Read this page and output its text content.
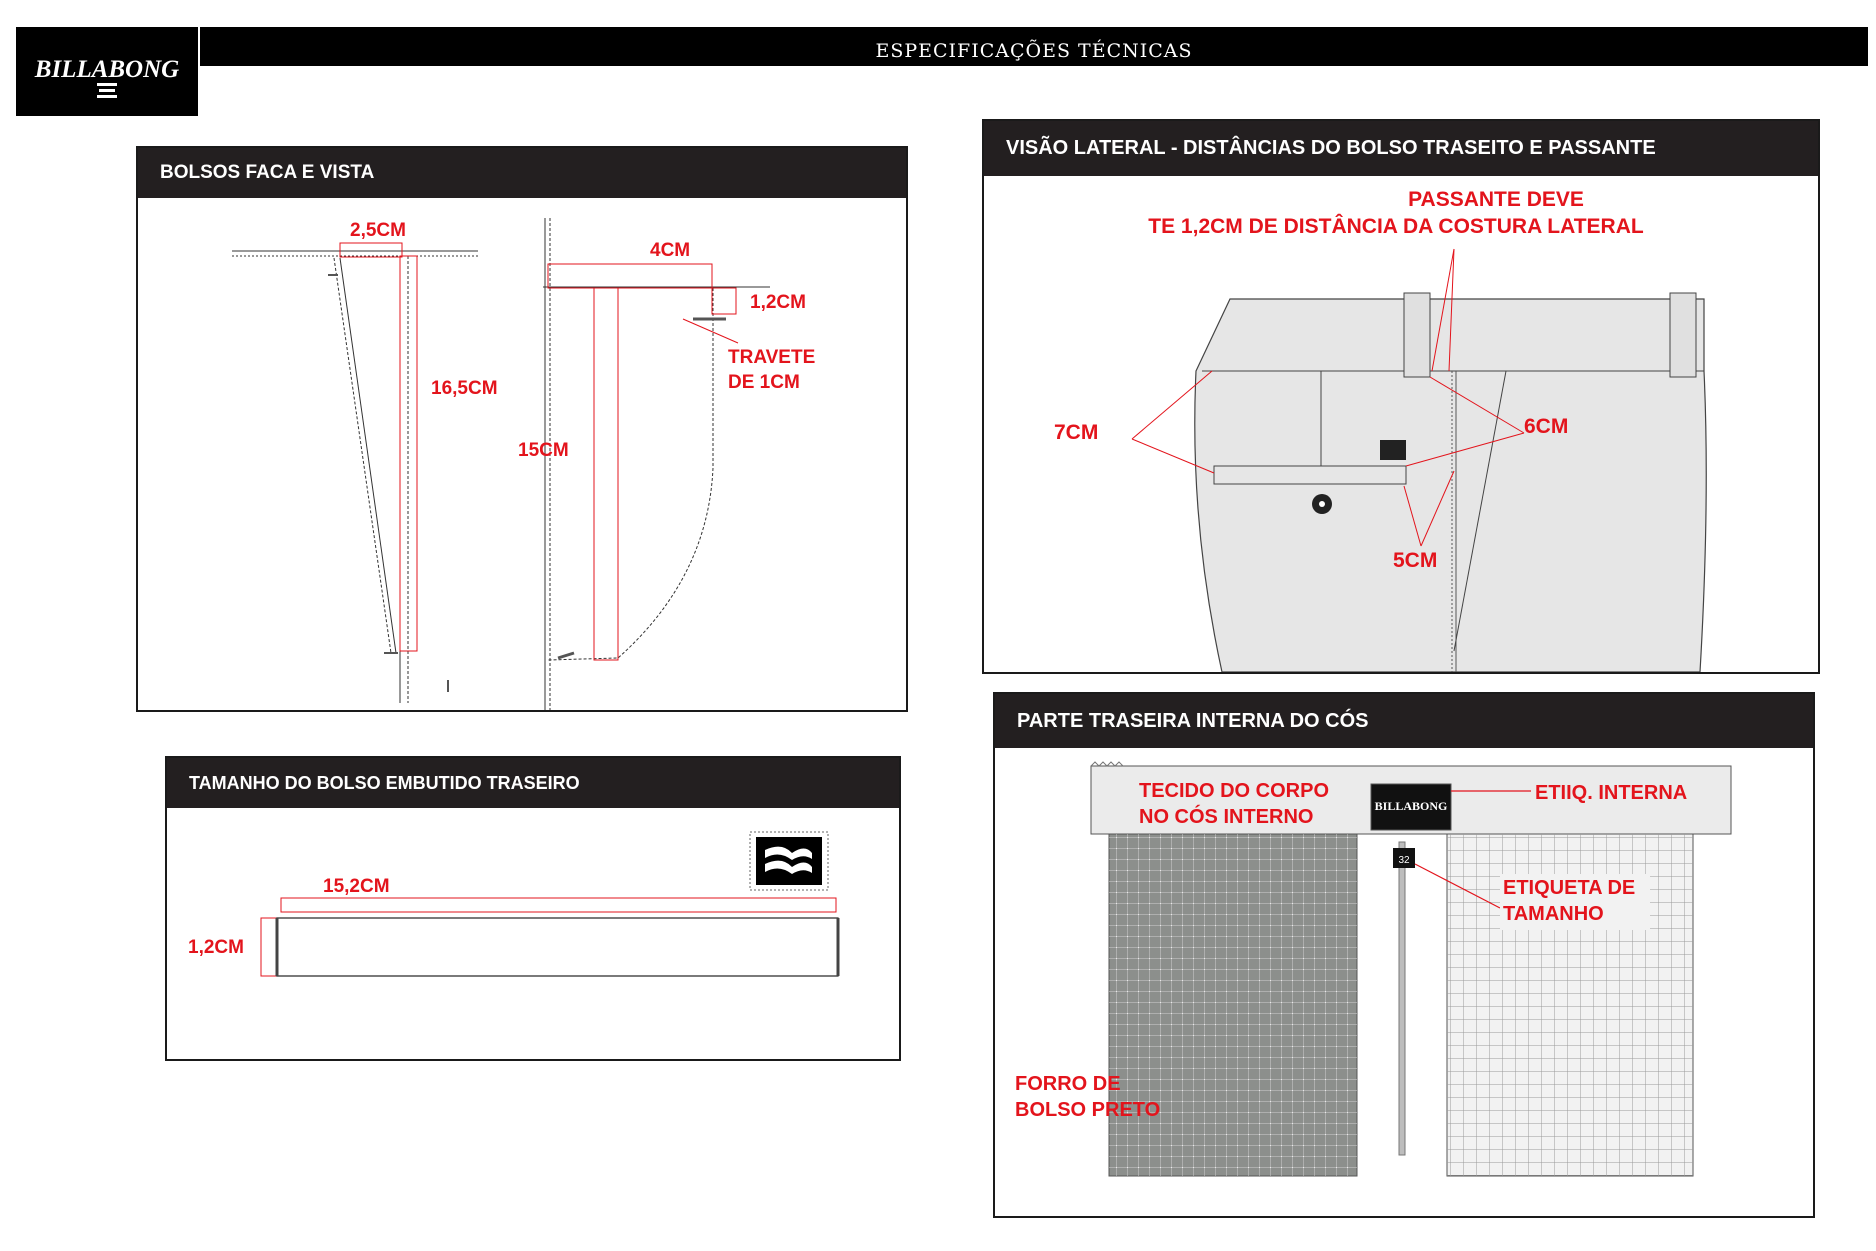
BILLABONG
ESPECIFICAÇÕES TÉCNICAS
BOLSOS FACA E VISTA
2,5CM
16,5CM
4CM
1,2CM
TRAVETE
DE 1CM
15CM
TAMANHO DO BOLSO EMBUTIDO TRASEIRO
15,2CM
1,2CM
VISÃO LATERAL - DISTÂNCIAS DO BOLSO TRASEITO E PASSANTE
PASSANTE DEVE
TE 1,2CM DE DISTÂNCIA DA COSTURA LATERAL
7CM	6CM
5CM
PARTE TRASEIRA INTERNA DO CÓS
32
BILLABONG
TECIDO DO CORPO
NO CÓS INTERNO
ETIIQ. INTERNA
ETIQUETA DE
TAMANHO
FORRO DE
BOLSO PRETO
